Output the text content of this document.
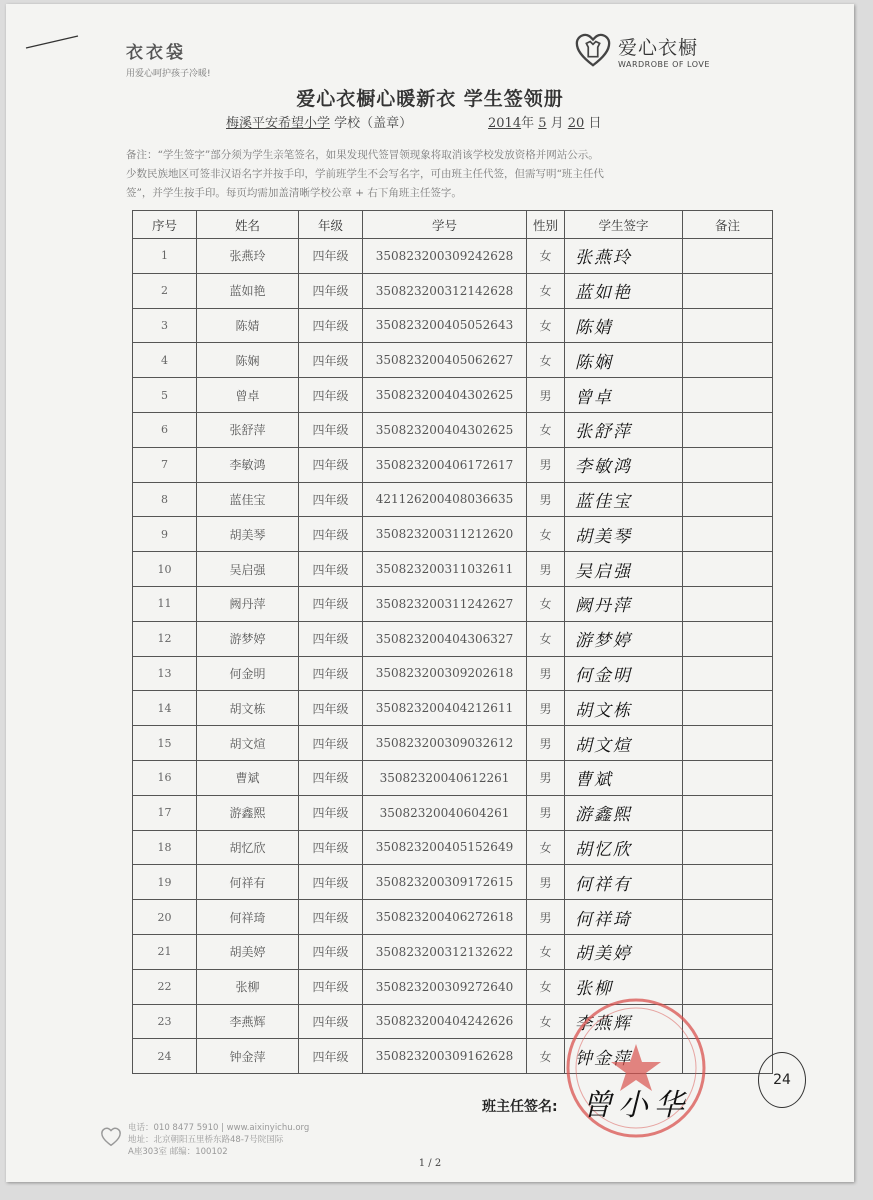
衣衣袋
用爱心呵护孩子冷暖!
爱心衣橱
WARDROBE OF LOVE
爱心衣橱心暖新衣 学生签领册
梅溪平安希望小学 学校（盖章）	2014年 5 月 20 日
备注：“学生签字”部分须为学生亲笔签名，如果发现代签冒领现象将取消该学校发放资格并网站公示。
少数民族地区可签非汉语名字并按手印，学前班学生不会写名字，可由班主任代签，但需写明“班主任代
签”，并学生按手印。每页均需加盖清晰学校公章 + 右下角班主任签字。
序号	姓名	年级	学号	性别	学生签字	备注
1	张燕玲	四年级	350823200309242628	女	张燕玲	
2	蓝如艳	四年级	350823200312142628	女	蓝如艳	
3	陈婧	四年级	350823200405052643	女	陈婧	
4	陈娴	四年级	350823200405062627	女	陈娴	
5	曾卓	四年级	350823200404302625	男	曾卓	
6	张舒萍	四年级	350823200404302625	女	张舒萍	
7	李敏鸿	四年级	350823200406172617	男	李敏鸿	
8	蓝佳宝	四年级	421126200408036635	男	蓝佳宝	
9	胡美琴	四年级	350823200311212620	女	胡美琴	
10	吴启强	四年级	350823200311032611	男	吴启强	
11	阙丹萍	四年级	350823200311242627	女	阙丹萍	
12	游梦婷	四年级	350823200404306327	女	游梦婷	
13	何金明	四年级	350823200309202618	男	何金明	
14	胡文栋	四年级	350823200404212611	男	胡文栋	
15	胡文煊	四年级	350823200309032612	男	胡文煊	
16	曹斌	四年级	35082320040612261	男	曹斌	
17	游鑫熙	四年级	35082320040604261	男	游鑫熙	
18	胡忆欣	四年级	350823200405152649	女	胡忆欣	
19	何祥有	四年级	350823200309172615	男	何祥有	
20	何祥琦	四年级	350823200406272618	男	何祥琦	
21	胡美婷	四年级	350823200312132622	女	胡美婷	
22	张柳	四年级	350823200309272640	女	张柳	
23	李燕辉	四年级	350823200404242626	女	李燕辉	
24	钟金萍	四年级	350823200309162628	女	钟金萍	
班主任签名: 曾小华
24
电话：010 8477 5910 | www.aixinyichu.org
地址：北京朝阳五里桥东路48-7号院国际
A座303室 邮编：100102
1 / 2
